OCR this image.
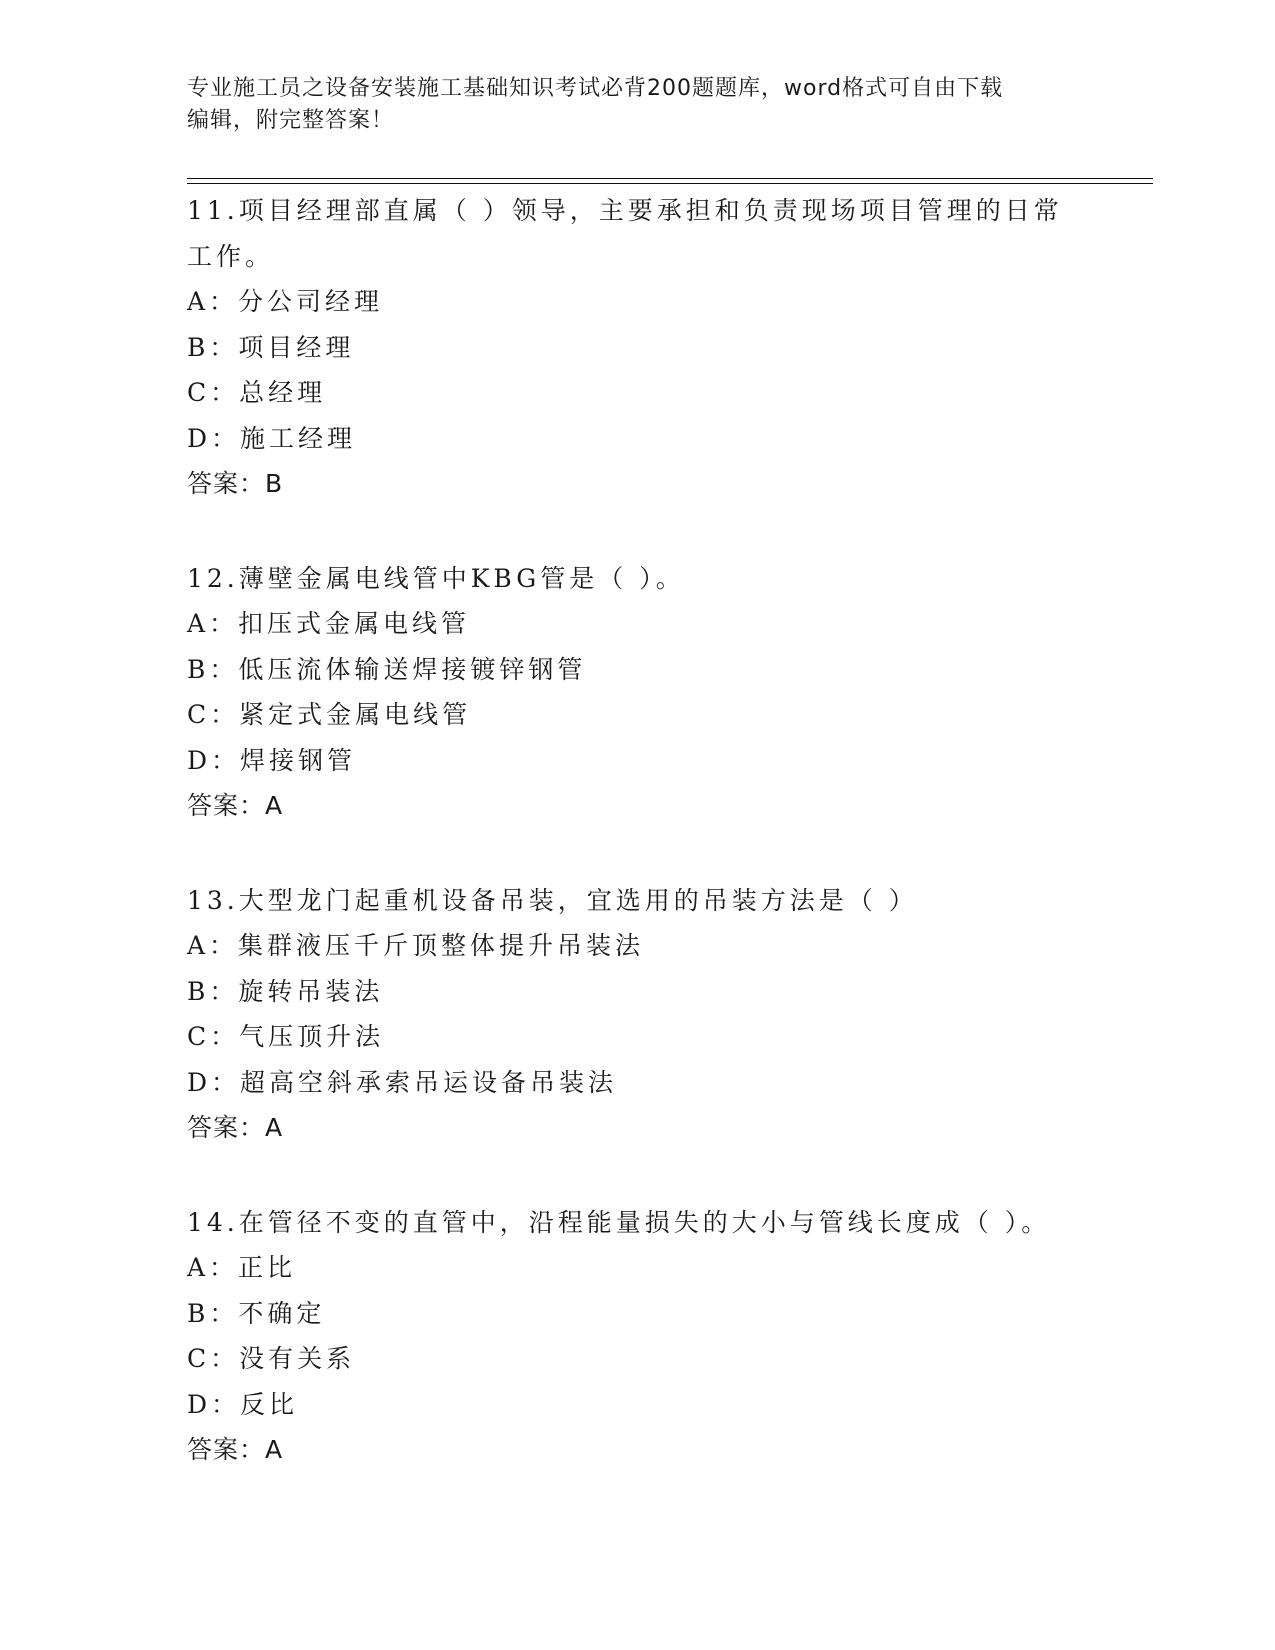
专业施工员之设备安装施工基础知识考试必背200题题库，word格式可自由下载
编辑，附完整答案！
11.项目经理部直属（ ）领导，主要承担和负责现场项目管理的日常
工作。
A：分公司经理
B：项目经理
C：总经理
D：施工经理
答案：B
12.薄壁金属电线管中KBG管是（ ）。
A：扣压式金属电线管
B：低压流体输送焊接镀锌钢管
C：紧定式金属电线管
D：焊接钢管
答案：A
13.大型龙门起重机设备吊装，宜选用的吊装方法是（ ）
A：集群液压千斤顶整体提升吊装法
B：旋转吊装法
C：气压顶升法
D：超高空斜承索吊运设备吊装法
答案：A
14.在管径不变的直管中，沿程能量损失的大小与管线长度成（ ）。
A：正比
B：不确定
C：没有关系
D：反比
答案：A
